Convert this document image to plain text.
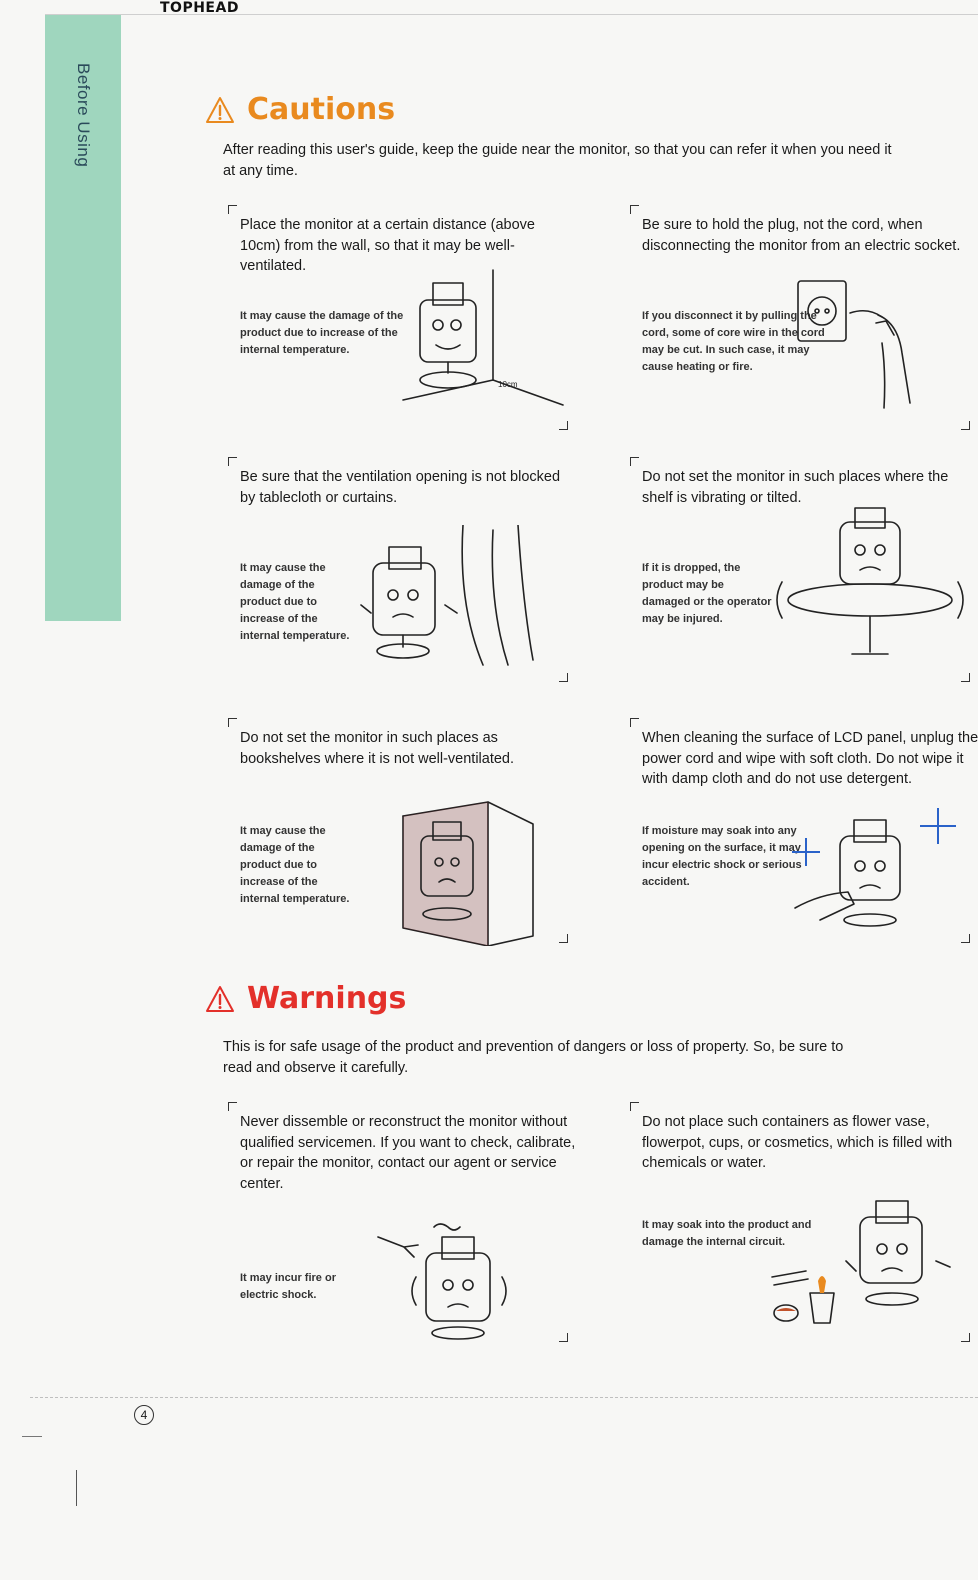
TOPHEAD
Before Using	Cautions
After reading this user's guide, keep the guide near the monitor, so that you can refer it when you need it at any time.
Place the monitor at a certain distance (above 10cm) from the wall, so that it may be well-ventilated.
It may cause the damage of the product due to increase of the internal temperature.
10cm
Be sure to hold the plug, not the cord, when disconnecting the monitor from an electric socket.
If you disconnect it by pulling the cord, some of core wire in the cord may be cut. In such case, it may cause heating or fire.
Be sure that the ventilation opening is not blocked by tablecloth or curtains.
It may cause the damage of the product due to increase of the internal temperature.
Do not set the monitor in such places where the shelf is vibrating or tilted.
If it is dropped, the product may be damaged or the operator may be injured.
Do not set the monitor in such places as bookshelves where it is not well-ventilated.
It may cause the damage of the product due to increase of the internal temperature.
When cleaning the surface of LCD panel, unplug the power cord and wipe with soft cloth. Do not wipe it with damp cloth and do not use detergent.
If moisture may soak into any opening on the surface, it may incur electric shock or serious accident.
Warnings
This is for safe usage of the product and prevention of dangers or loss of property. So, be sure to read and observe it carefully.
Never dissemble or reconstruct the monitor without qualified servicemen. If you want to check, calibrate, or repair the monitor, contact our agent or service center.
It may incur fire or electric shock.
Do not place such containers as flower vase, flowerpot, cups, or cosmetics, which is filled with chemicals or water.
It may soak into the product and damage the internal circuit.
4
